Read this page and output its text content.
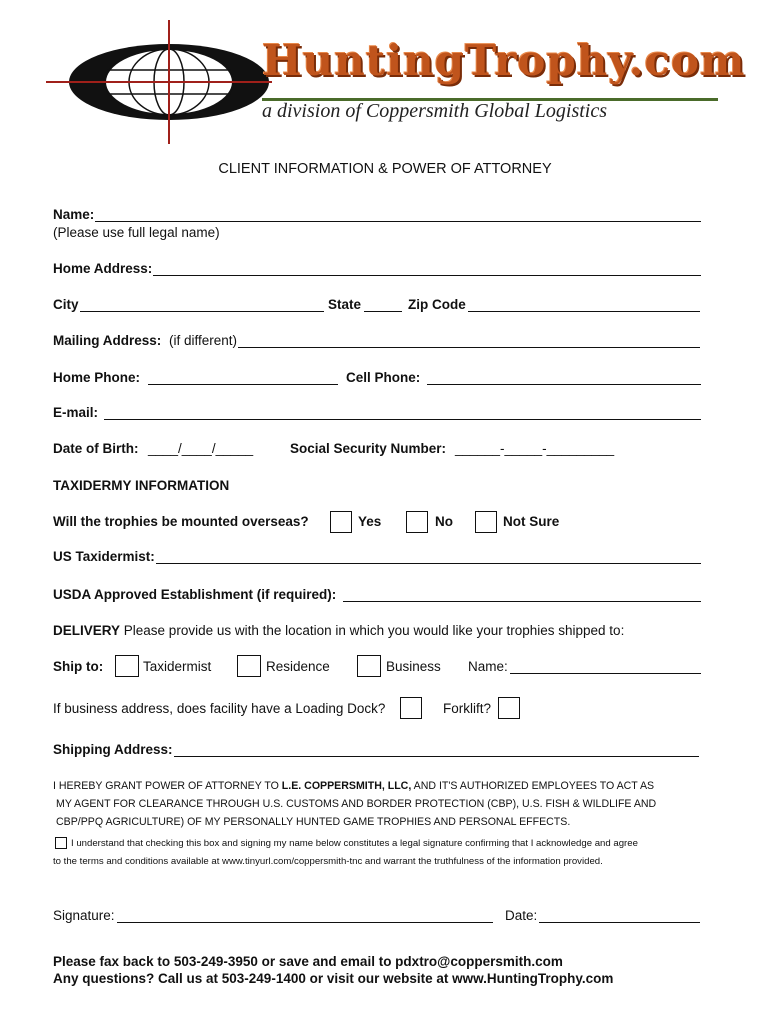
HuntingTrophy.com
a division of Coppersmith Global Logistics
CLIENT INFORMATION & POWER OF ATTORNEY
Name:
(Please use full legal name)
Home Address:
City	State	Zip Code
Mailing Address: (if different)
Home Phone:	Cell Phone:
E-mail:
Date of Birth: ____/____/_____	Social Security Number: ______-_____-_________
TAXIDERMY INFORMATION
Will the trophies be mounted overseas?	Yes	No	Not Sure
US Taxidermist:
USDA Approved Establishment (if required):
DELIVERY Please provide us with the location in which you would like your trophies shipped to:
Ship to:	Taxidermist	Residence	Business Name:
If business address, does facility have a Loading Dock?	Forklift?
Shipping Address:
I HEREBY GRANT POWER OF ATTORNEY TO L.E. COPPERSMITH, LLC, AND IT'S AUTHORIZED EMPLOYEES TO ACT AS
MY AGENT FOR CLEARANCE THROUGH U.S. CUSTOMS AND BORDER PROTECTION (CBP), U.S. FISH & WILDLIFE AND
CBP/PPQ AGRICULTURE) OF MY PERSONALLY HUNTED GAME TROPHIES AND PERSONAL EFFECTS.
I understand that checking this box and signing my name below constitutes a legal signature confirming that I acknowledge and agree
to the terms and conditions available at www.tinyurl.com/coppersmith-tnc and warrant the truthfulness of the information provided.
Signature:	Date:
Please fax back to 503-249-3950 or save and email to pdxtro@coppersmith.com
Any questions? Call us at 503-249-1400 or visit our website at www.HuntingTrophy.com
